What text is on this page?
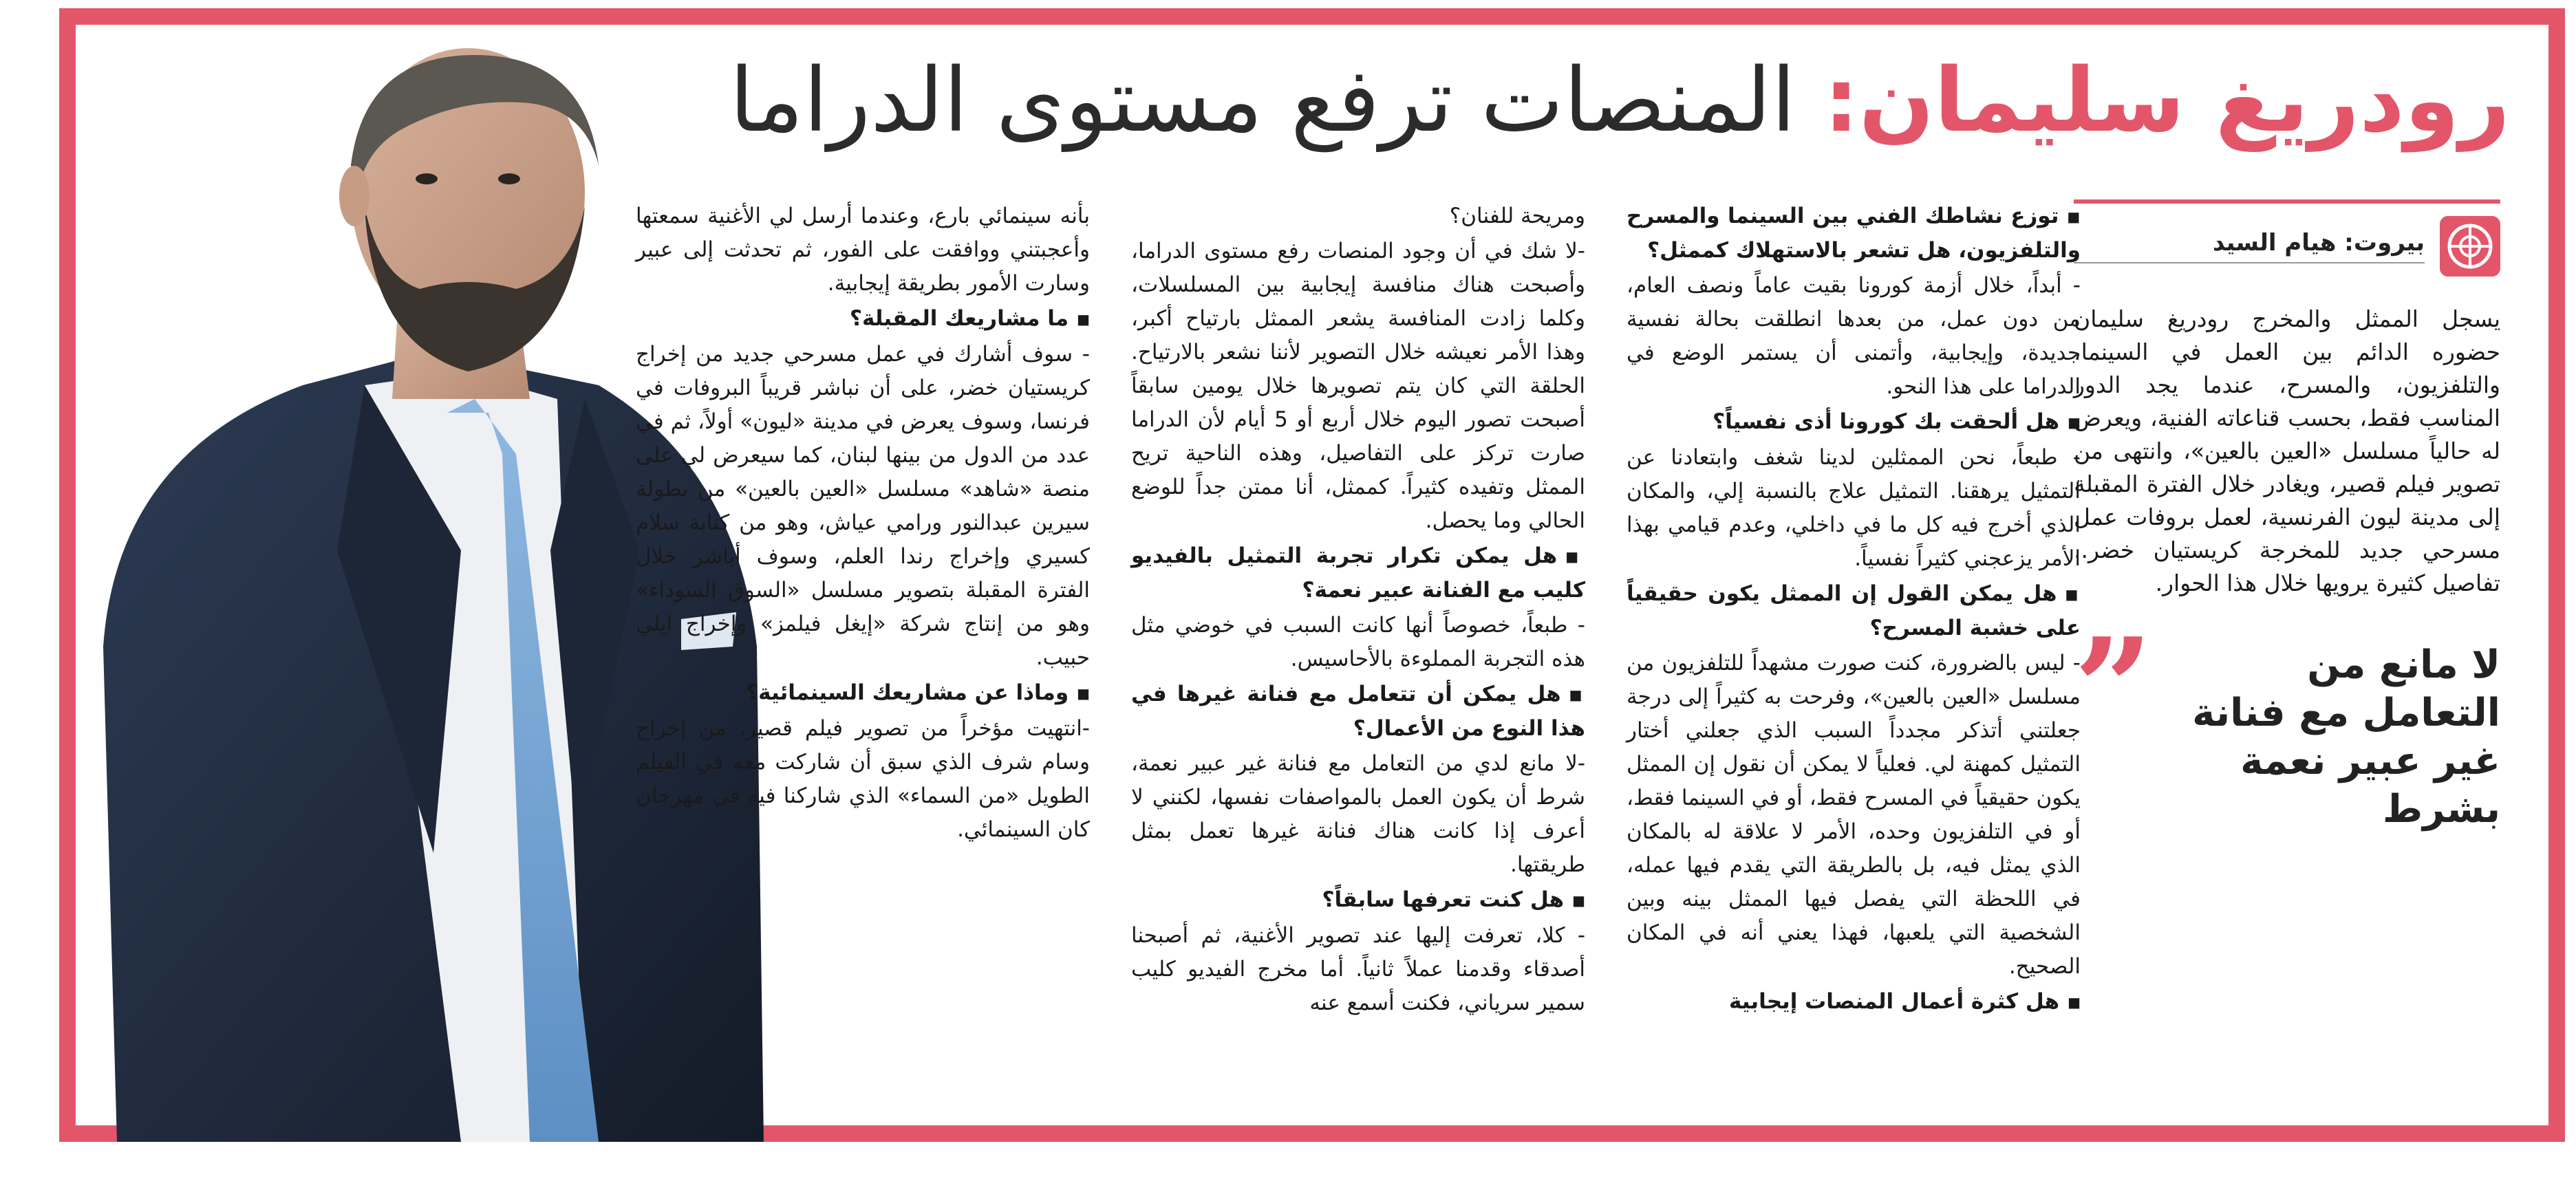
رودريغ سليمان: المنصات ترفع مستوى الدراما
بيروت: هيام السيد
يسجل الممثل والمخرج رودريغ سليمان حضوره الدائم بين العمل في السينما، والتلفزيون، والمسرح، عندما يجد الدور المناسب فقط، بحسب قناعاته الفنية، ويعرض له حالياً مسلسل «العين بالعين»، وانتهى من تصوير فيلم قصير، ويغادر خلال الفترة المقبلة إلى مدينة ليون الفرنسية، لعمل بروفات عمل مسرحي جديد للمخرجة كريستيان خضر.. تفاصيل كثيرة يرويها خلال هذا الحوار.
لا مانع من التعامل مع فنانة غير عبير نعمة بشرط
”

■ توزع نشاطك الفني بين السينما والمسرح والتلفزيون، هل تشعر بالاستهلاك كممثل؟

- أبداً، خلال أزمة كورونا بقيت عاماً ونصف العام، من دون عمل، من بعدها انطلقت بحالة نفسية جديدة، وإيجابية، وأتمنى أن يستمر الوضع في الدراما على هذا النحو.

■ هل ألحقت بك كورونا أذى نفسياً؟

- طبعاً، نحن الممثلين لدينا شغف وابتعادنا عن التمثيل يرهقنا. التمثيل علاج بالنسبة إلي، والمكان الذي أخرج فيه كل ما في داخلي، وعدم قيامي بهذا الأمر يزعجني كثيراً نفسياً.

■ هل يمكن القول إن الممثل يكون حقيقياً على خشبة المسرح؟

- ليس بالضرورة، كنت صورت مشهداً للتلفزيون من مسلسل «العين بالعين»، وفرحت به كثيراً إلى درجة جعلتني أتذكر مجدداً السبب الذي جعلني أختار التمثيل كمهنة لي. فعلياً لا يمكن أن نقول إن الممثل يكون حقيقياً في المسرح فقط، أو في السينما فقط، أو في التلفزيون وحده، الأمر لا علاقة له بالمكان الذي يمثل فيه، بل بالطريقة التي يقدم فيها عمله، في اللحظة التي يفصل فيها الممثل بينه وبين الشخصية التي يلعبها، فهذا يعني أنه في المكان الصحيح.

■ هل كثرة أعمال المنصات إيجابية

ومريحة للفنان؟

-لا شك في أن وجود المنصات رفع مستوى الدراما، وأصبحت هناك منافسة إيجابية بين المسلسلات، وكلما زادت المنافسة يشعر الممثل بارتياح أكبر، وهذا الأمر نعيشه خلال التصوير لأننا نشعر بالارتياح. الحلقة التي كان يتم تصويرها خلال يومين سابقاً أصبحت تصور اليوم خلال أربع أو 5 أيام لأن الدراما صارت تركز على التفاصيل، وهذه الناحية تريح الممثل وتفيده كثيراً. كممثل، أنا ممتن جداً للوضع الحالي وما يحصل.

■ هل يمكن تكرار تجربة التمثيل بالفيديو كليب مع الفنانة عبير نعمة؟

- طبعاً، خصوصاً أنها كانت السبب في خوضي مثل هذه التجربة المملوءة بالأحاسيس.

■ هل يمكن أن تتعامل مع فنانة غيرها في هذا النوع من الأعمال؟

-لا مانع لدي من التعامل مع فنانة غير عبير نعمة، شرط أن يكون العمل بالمواصفات نفسها، لكنني لا أعرف إذا كانت هناك فنانة غيرها تعمل بمثل طريقتها.

■ هل كنت تعرفها سابقاً؟

- كلا، تعرفت إليها عند تصوير الأغنية، ثم أصبحنا أصدقاء وقدمنا عملاً ثانياً. أما مخرج الفيديو كليب سمير سرياني، فكنت أسمع عنه

بأنه سينمائي بارع، وعندما أرسل لي الأغنية سمعتها وأعجبتني ووافقت على الفور، ثم تحدثت إلى عبير وسارت الأمور بطريقة إيجابية.

■ ما مشاريعك المقبلة؟

- سوف أشارك في عمل مسرحي جديد من إخراج كريستيان خضر، على أن نباشر قريباً البروفات في فرنسا، وسوف يعرض في مدينة «ليون» أولاً، ثم في عدد من الدول من بينها لبنان، كما سيعرض لي على منصة «شاهد» مسلسل «العين بالعين» من بطولة سيرين عبدالنور ورامي عياش، وهو من كتابة سلام كسيري وإخراج رندا العلم، وسوف أباشر خلال الفترة المقبلة بتصوير مسلسل «السوق السوداء» وهو من إنتاج شركة «إيغل فيلمز» وإخراج ايلي حبيب.

■ وماذا عن مشاريعك السينمائية؟

-انتهيت مؤخراً من تصوير فيلم قصير، من إخراج وسام شرف الذي سبق أن شاركت معه في الفيلم الطويل «من السماء» الذي شاركنا فيه في مهرجان كان السينمائي.
